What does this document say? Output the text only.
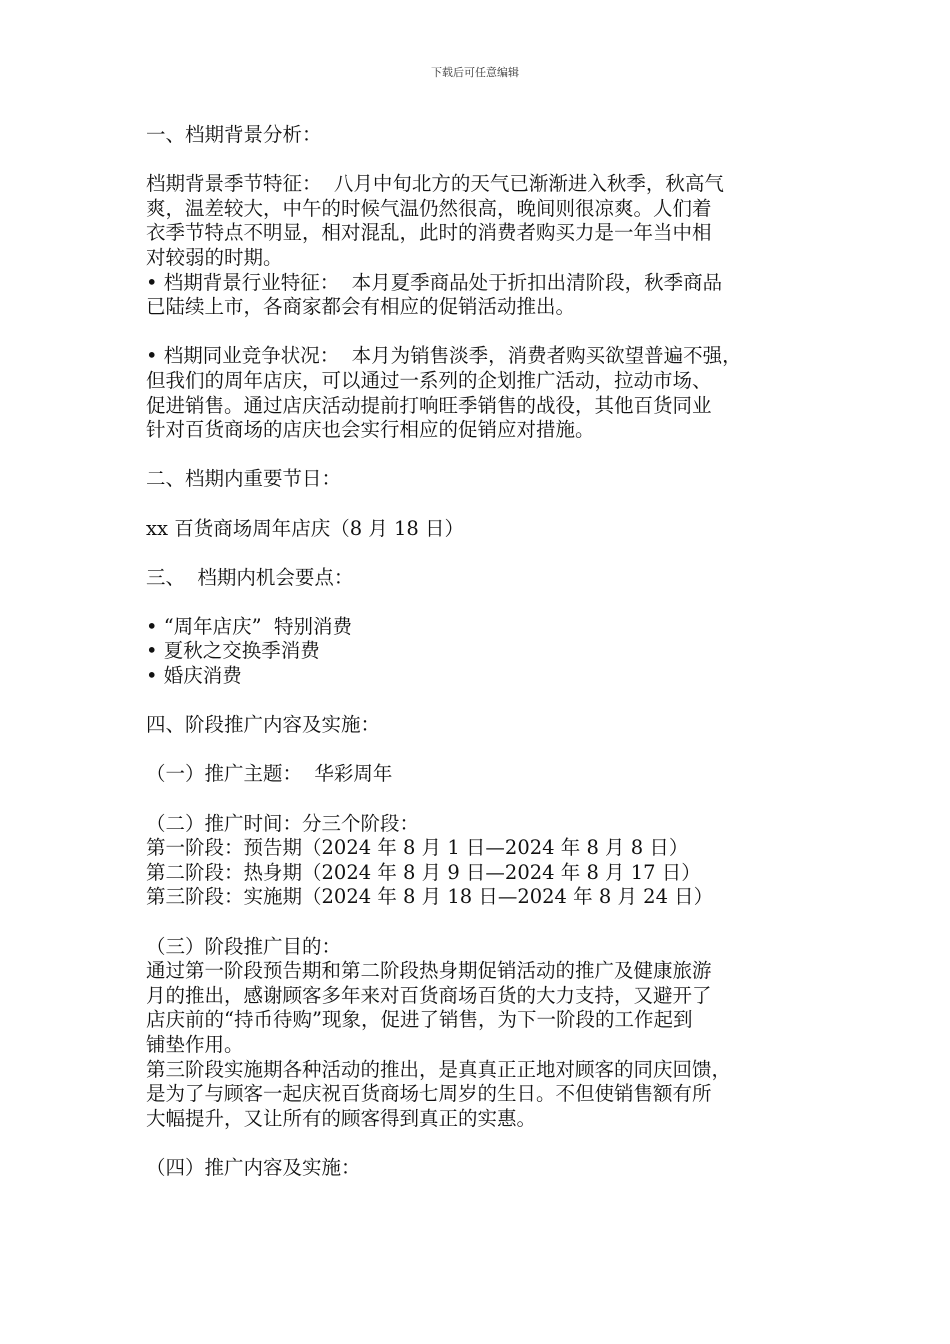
下载后可任意编辑

一、档期背景分析：

档期背景季节特征：  八月中旬北方的天气已渐渐进入秋季，秋高气

爽，温差较大，中午的时候气温仍然很高，晚间则很凉爽。人们着

衣季节特点不明显，相对混乱，此时的消费者购买力是一年当中相

对较弱的时期。

• 档期背景行业特征：  本月夏季商品处于折扣出清阶段，秋季商品

已陆续上市，各商家都会有相应的促销活动推出。

• 档期同业竞争状况：  本月为销售淡季，消费者购买欲望普遍不强，

但我们的周年店庆，可以通过一系列的企划推广活动，拉动市场、

促进销售。通过店庆活动提前打响旺季销售的战役，其他百货同业

针对百货商场的店庆也会实行相应的促销应对措施。

二、档期内重要节日：

xx 百货商场周年店庆（8 月 18 日）

三、  档期内机会要点：

• “周年店庆”  特别消费

• 夏秋之交换季消费

• 婚庆消费

四、阶段推广内容及实施：

（一）推广主题：  华彩周年

（二）推广时间：分三个阶段：

第一阶段：预告期（2024 年 8 月 1 日—2024 年 8 月 8 日）

第二阶段：热身期（2024 年 8 月 9 日—2024 年 8 月 17 日）

第三阶段：实施期（2024 年 8 月 18 日—2024 年 8 月 24 日）

（三）阶段推广目的：

通过第一阶段预告期和第二阶段热身期促销活动的推广及健康旅游

月的推出，感谢顾客多年来对百货商场百货的大力支持，又避开了

店庆前的“持币待购”现象，促进了销售，为下一阶段的工作起到

铺垫作用。

第三阶段实施期各种活动的推出，是真真正正地对顾客的同庆回馈，

是为了与顾客一起庆祝百货商场七周岁的生日。不但使销售额有所

大幅提升，又让所有的顾客得到真正的实惠。

（四）推广内容及实施：
